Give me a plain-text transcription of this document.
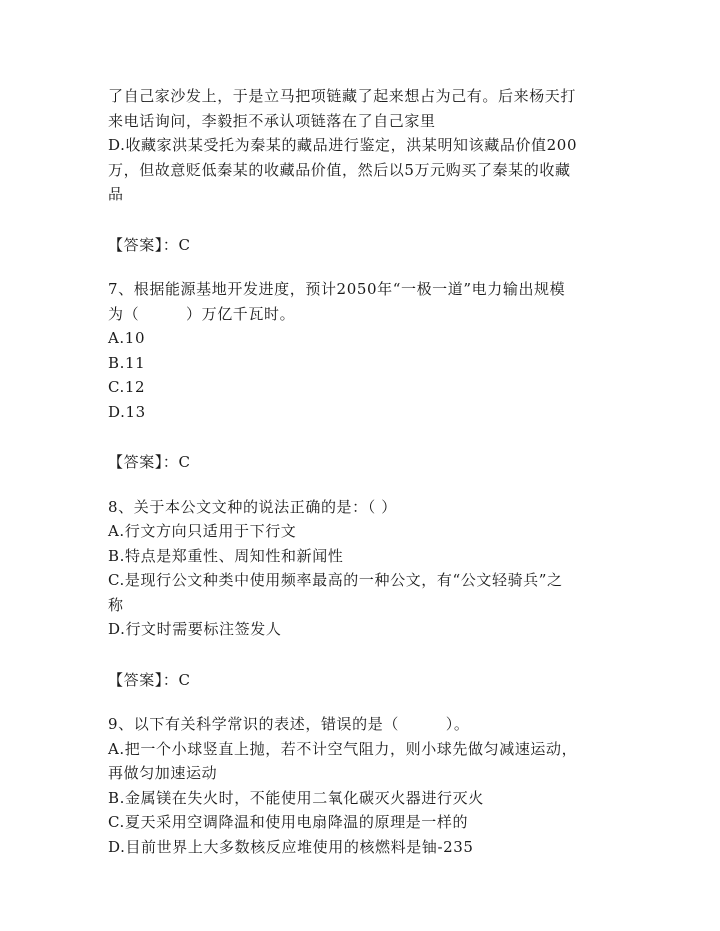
了自己家沙发上，于是立马把项链藏了起来想占为己有。后来杨天打
来电话询问，李毅拒不承认项链落在了自己家里
D.收藏家洪某受托为秦某的藏品进行鉴定，洪某明知该藏品价值200
万，但故意贬低秦某的收藏品价值，然后以5万元购买了秦某的收藏
品
【答案】：C
7、根据能源基地开发进度，预计2050年“一极一道”电力输出规模
为（　　　）万亿千瓦时。
A.10
B.11
C.12
D.13
【答案】：C
8、关于本公文文种的说法正确的是：（ ）
A.行文方向只适用于下行文
B.特点是郑重性、周知性和新闻性
C.是现行公文种类中使用频率最高的一种公文，有“公文轻骑兵”之
称
D.行文时需要标注签发人
【答案】：C
9、以下有关科学常识的表述，错误的是（　　　）。
A.把一个小球竖直上抛，若不计空气阻力，则小球先做匀减速运动，
再做匀加速运动
B.金属镁在失火时，不能使用二氧化碳灭火器进行灭火
C.夏天采用空调降温和使用电扇降温的原理是一样的
D.目前世界上大多数核反应堆使用的核燃料是铀-235
